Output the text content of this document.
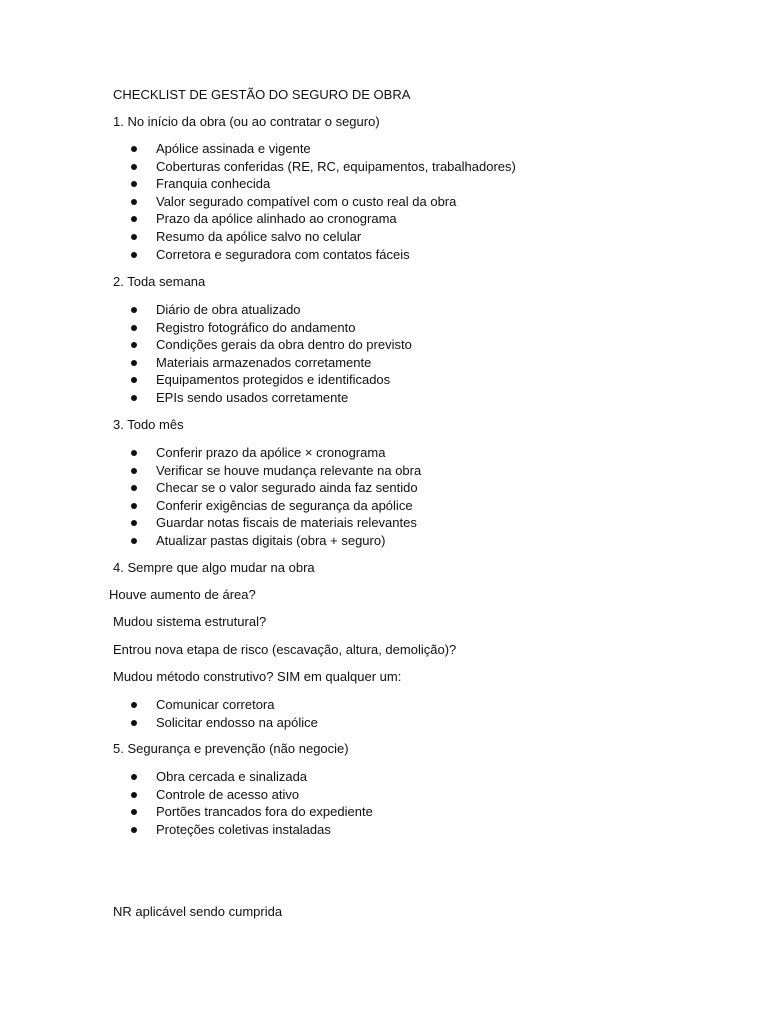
CHECKLIST DE GESTÃO DO SEGURO DE OBRA
1. No início da obra (ou ao contratar o seguro)
Apólice assinada e vigente
Coberturas conferidas (RE, RC, equipamentos, trabalhadores)
Franquia conhecida
Valor segurado compatível com o custo real da obra
Prazo da apólice alinhado ao cronograma
Resumo da apólice salvo no celular
Corretora e seguradora com contatos fáceis
2. Toda semana
Diário de obra atualizado
Registro fotográfico do andamento
Condições gerais da obra dentro do previsto
Materiais armazenados corretamente
Equipamentos protegidos e identificados
EPIs sendo usados corretamente
3. Todo mês
Conferir prazo da apólice × cronograma
Verificar se houve mudança relevante na obra
Checar se o valor segurado ainda faz sentido
Conferir exigências de segurança da apólice
Guardar notas fiscais de materiais relevantes
Atualizar pastas digitais (obra + seguro)
4. Sempre que algo mudar na obra
Houve aumento de área?
Mudou sistema estrutural?
Entrou nova etapa de risco (escavação, altura, demolição)?
Mudou método construtivo? SIM em qualquer um:
Comunicar corretora
Solicitar endosso na apólice
5. Segurança e prevenção (não negocie)
Obra cercada e sinalizada
Controle de acesso ativo
Portões trancados fora do expediente
Proteções coletivas instaladas
NR aplicável sendo cumprida
